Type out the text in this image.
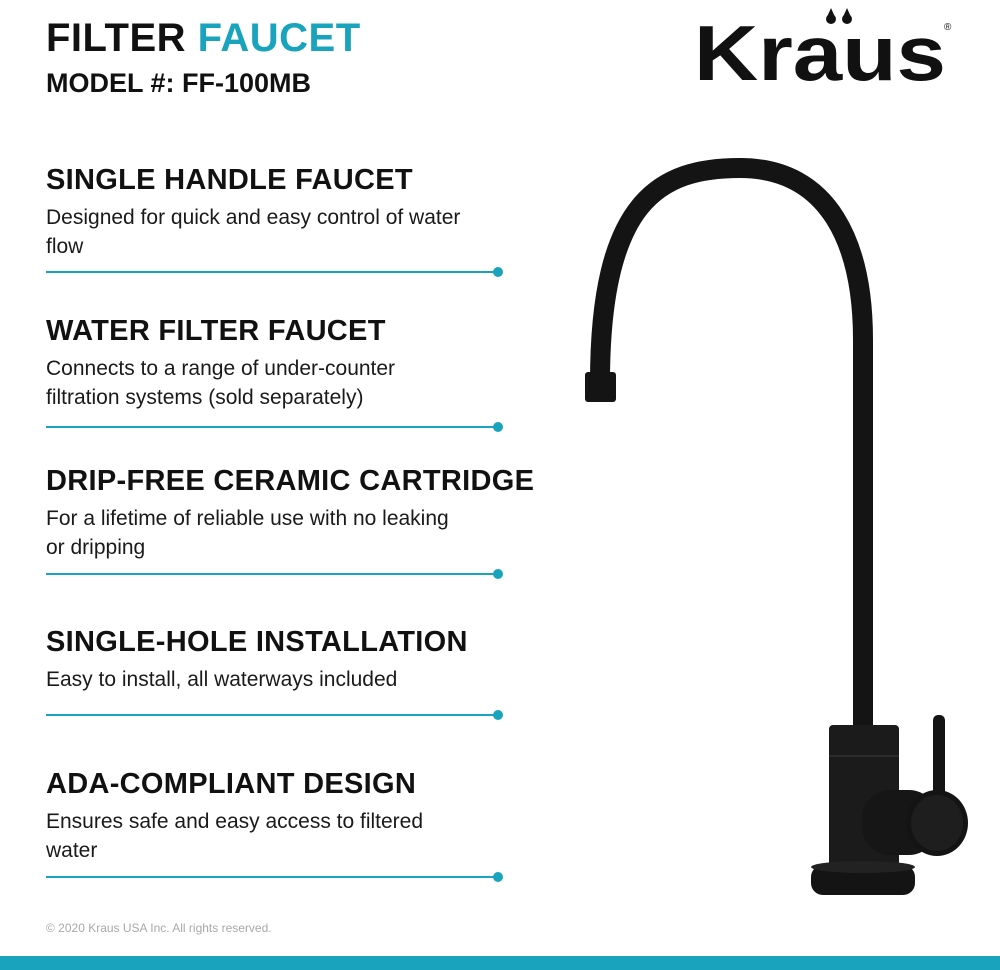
FILTER FAUCET
MODEL #: FF-100MB	Kraus
®
SINGLE HANDLE FAUCET

Designed for quick and easy control of water flow

WATER FILTER FAUCET

Connects to a range of under-counter filtration systems (sold separately)

DRIP-FREE CERAMIC CARTRIDGE

For a lifetime of reliable use with no leaking or dripping

SINGLE-HOLE INSTALLATION

Easy to install, all waterways included

ADA-COMPLIANT DESIGN

Ensures safe and easy access to filtered water

© 2020 Kraus USA Inc. All rights reserved.
